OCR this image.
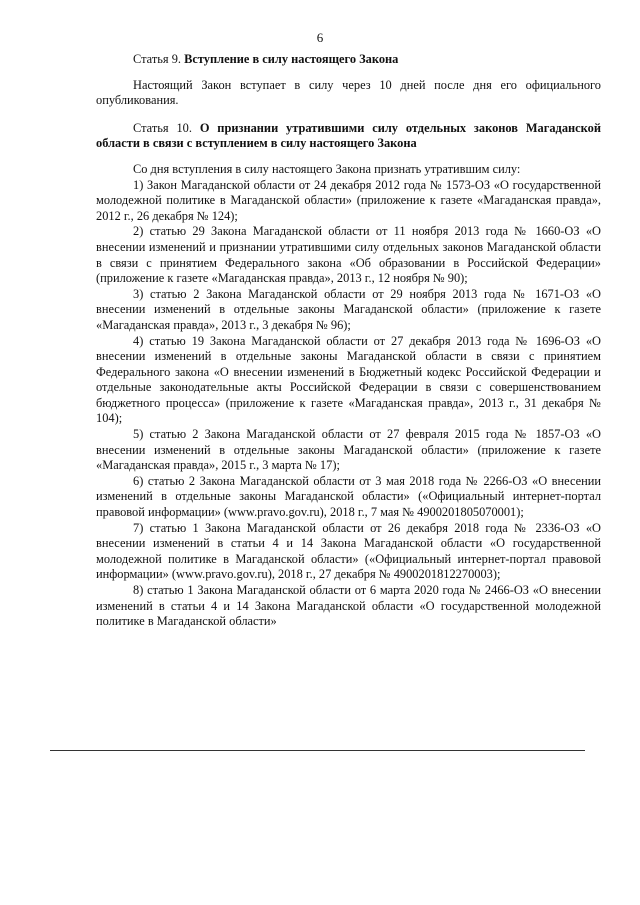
6

Статья 9. Вступление в силу настоящего Закона

Настоящий Закон вступает в силу через 10 дней после дня его официального опубликования.

Статья 10. О признании утратившими силу отдельных законов Магаданской области в связи с вступлением в силу настоящего Закона

Со дня вступления в силу настоящего Закона признать утратившим силу:

1) Закон Магаданской области от 24 декабря 2012 года № 1573-ОЗ «О государственной молодежной политике в Магаданской области» (приложение к газете «Магаданская правда», 2012 г., 26 декабря № 124);

2) статью 29 Закона Магаданской области от 11 ноября 2013 года № 1660-ОЗ «О внесении изменений и признании утратившими силу отдельных законов Магаданской области в связи с принятием Федерального закона «Об образовании в Российской Федерации» (приложение к газете «Магаданская правда», 2013 г., 12 ноября № 90);

3) статью 2 Закона Магаданской области от 29 ноября 2013 года № 1671-ОЗ «О внесении изменений в отдельные законы Магаданской области» (приложение к газете «Магаданская правда», 2013 г., 3 декабря № 96);

4) статью 19 Закона Магаданской области от 27 декабря 2013 года № 1696-ОЗ «О внесении изменений в отдельные законы Магаданской области в связи с принятием Федерального закона «О внесении изменений в Бюджетный кодекс Российской Федерации и отдельные законодательные акты Российской Федерации в связи с совершенствованием бюджетного процесса» (приложение к газете «Магаданская правда», 2013 г., 31 декабря № 104);

5) статью 2 Закона Магаданской области от 27 февраля 2015 года № 1857-ОЗ «О внесении изменений в отдельные законы Магаданской области» (приложение к газете «Магаданская правда», 2015 г., 3 марта № 17);

6) статью 2 Закона Магаданской области от 3 мая 2018 года № 2266-ОЗ «О внесении изменений в отдельные законы Магаданской области» («Официальный интернет-портал правовой информации» (www.pravo.gov.ru), 2018 г., 7 мая № 4900201805070001);

7) статью 1 Закона Магаданской области от 26 декабря 2018 года № 2336-ОЗ «О внесении изменений в статьи 4 и 14 Закона Магаданской области «О государственной молодежной политике в Магаданской области» («Официальный интернет-портал правовой информации» (www.pravo.gov.ru), 2018 г., 27 декабря № 4900201812270003);

8) статью 1 Закона Магаданской области от 6 марта 2020 года № 2466-ОЗ «О внесении изменений в статьи 4 и 14 Закона Магаданской области «О государственной молодежной политике в Магаданской области»
